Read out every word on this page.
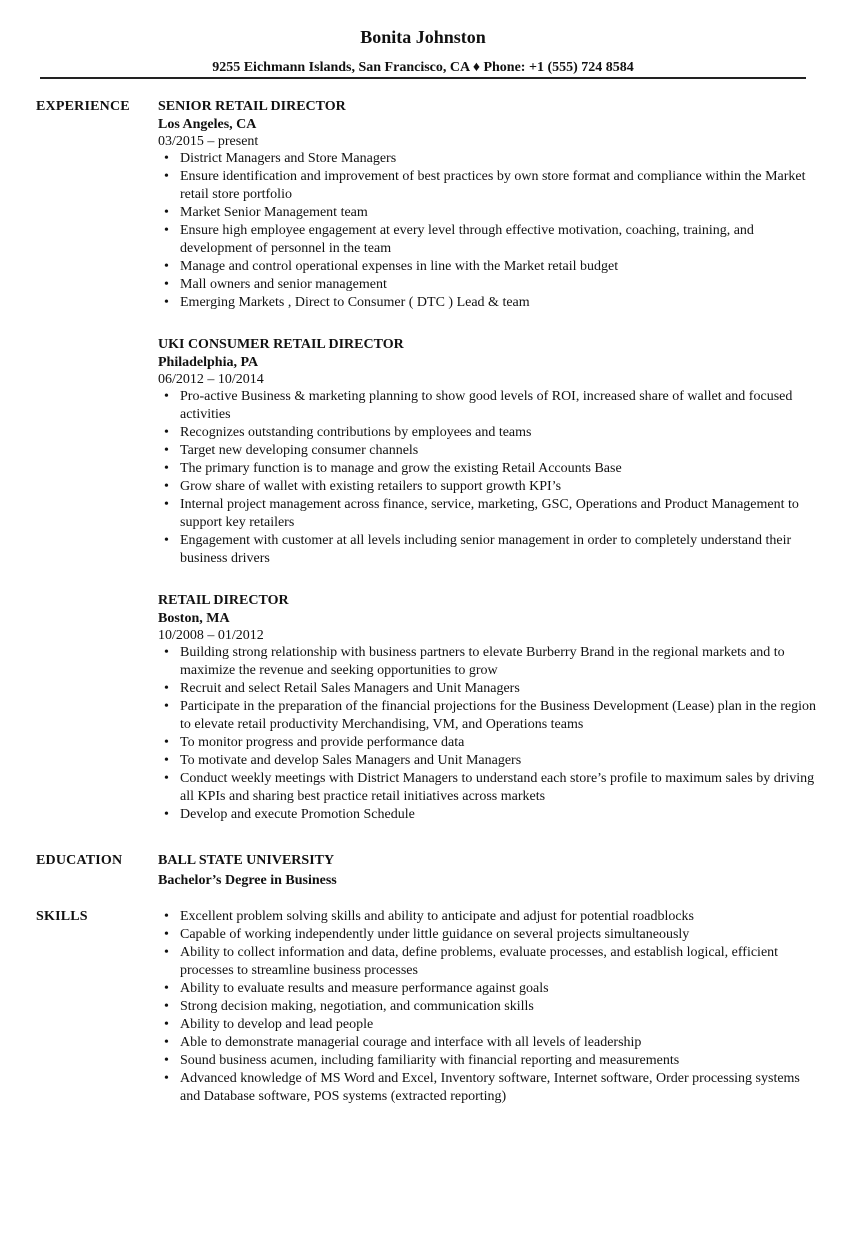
Bonita Johnston
9255 Eichmann Islands, San Francisco, CA ♦ Phone: +1 (555) 724 8584
EXPERIENCE SENIOR RETAIL DIRECTOR
Los Angeles, CA
03/2015 – present
• District Managers and Store Managers
• Ensure identification and improvement of best practices by own store format and compliance within the Market retail store portfolio
• Market Senior Management team
• Ensure high employee engagement at every level through effective motivation, coaching, training, and development of personnel in the team
• Manage and control operational expenses in line with the Market retail budget
• Mall owners and senior management
• Emerging Markets , Direct to Consumer ( DTC ) Lead & team
UKI CONSUMER RETAIL DIRECTOR
Philadelphia, PA
06/2012 – 10/2014
• Pro-active Business & marketing planning to show good levels of ROI, increased share of wallet and focused activities
• Recognizes outstanding contributions by employees and teams
• Target new developing consumer channels
• The primary function is to manage and grow the existing Retail Accounts Base
• Grow share of wallet with existing retailers to support growth KPI’s
• Internal project management across finance, service, marketing, GSC, Operations and Product Management to support key retailers
• Engagement with customer at all levels including senior management in order to completely understand their business drivers
RETAIL DIRECTOR
Boston, MA
10/2008 – 01/2012
• Building strong relationship with business partners to elevate Burberry Brand in the regional markets and to maximize the revenue and seeking opportunities to grow
• Recruit and select Retail Sales Managers and Unit Managers
• Participate in the preparation of the financial projections for the Business Development (Lease) plan in the region to elevate retail productivity Merchandising, VM, and Operations teams
• To monitor progress and provide performance data
• To motivate and develop Sales Managers and Unit Managers
• Conduct weekly meetings with District Managers to understand each store’s profile to maximum sales by driving all KPIs and sharing best practice retail initiatives across markets
• Develop and execute Promotion Schedule
EDUCATION	BALL STATE UNIVERSITY
Bachelor’s Degree in Business
SKILLS
•	Excellent problem solving skills and ability to anticipate and adjust for potential roadblocks
• Capable of working independently under little guidance on several projects simultaneously
• Ability to collect information and data, define problems, evaluate processes, and establish logical, efficient processes to streamline business processes
• Ability to evaluate results and measure performance against goals
• Strong decision making, negotiation, and communication skills
• Ability to develop and lead people
• Able to demonstrate managerial courage and interface with all levels of leadership
• Sound business acumen, including familiarity with financial reporting and measurements
• Advanced knowledge of MS Word and Excel, Inventory software, Internet software, Order processing systems and Database software, POS systems (extracted reporting)
